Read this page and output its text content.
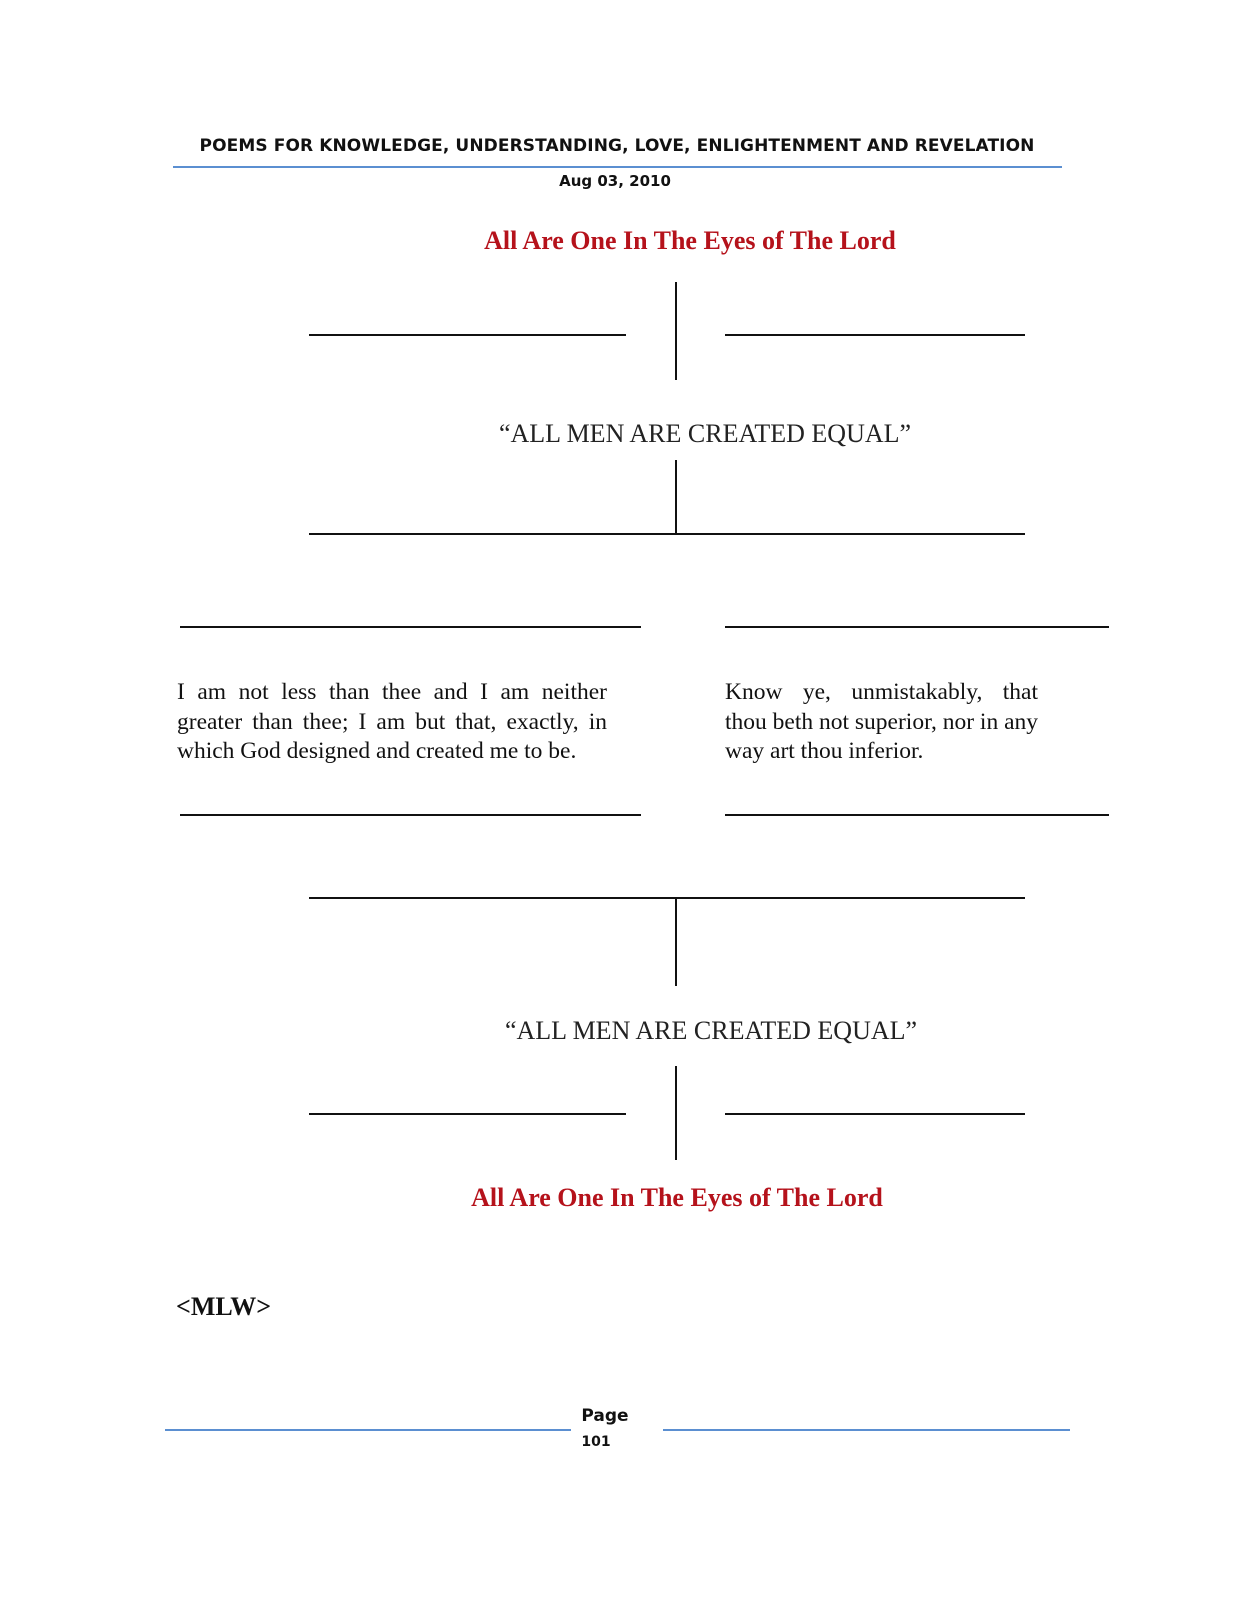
POEMS FOR KNOWLEDGE, UNDERSTANDING, LOVE, ENLIGHTENMENT AND REVELATION
Aug 03, 2010
All Are One In The Eyes of The Lord
“ALL MEN ARE CREATED EQUAL”
I am not less than thee and I am neither greater than thee; I am but that, exactly, in which God designed and created me to be.
Know ye, unmistakably, that thou beth not superior, nor in any way art thou inferior.
“ALL MEN ARE CREATED EQUAL”
All Are One In The Eyes of The Lord
<MLW>
Page
101
